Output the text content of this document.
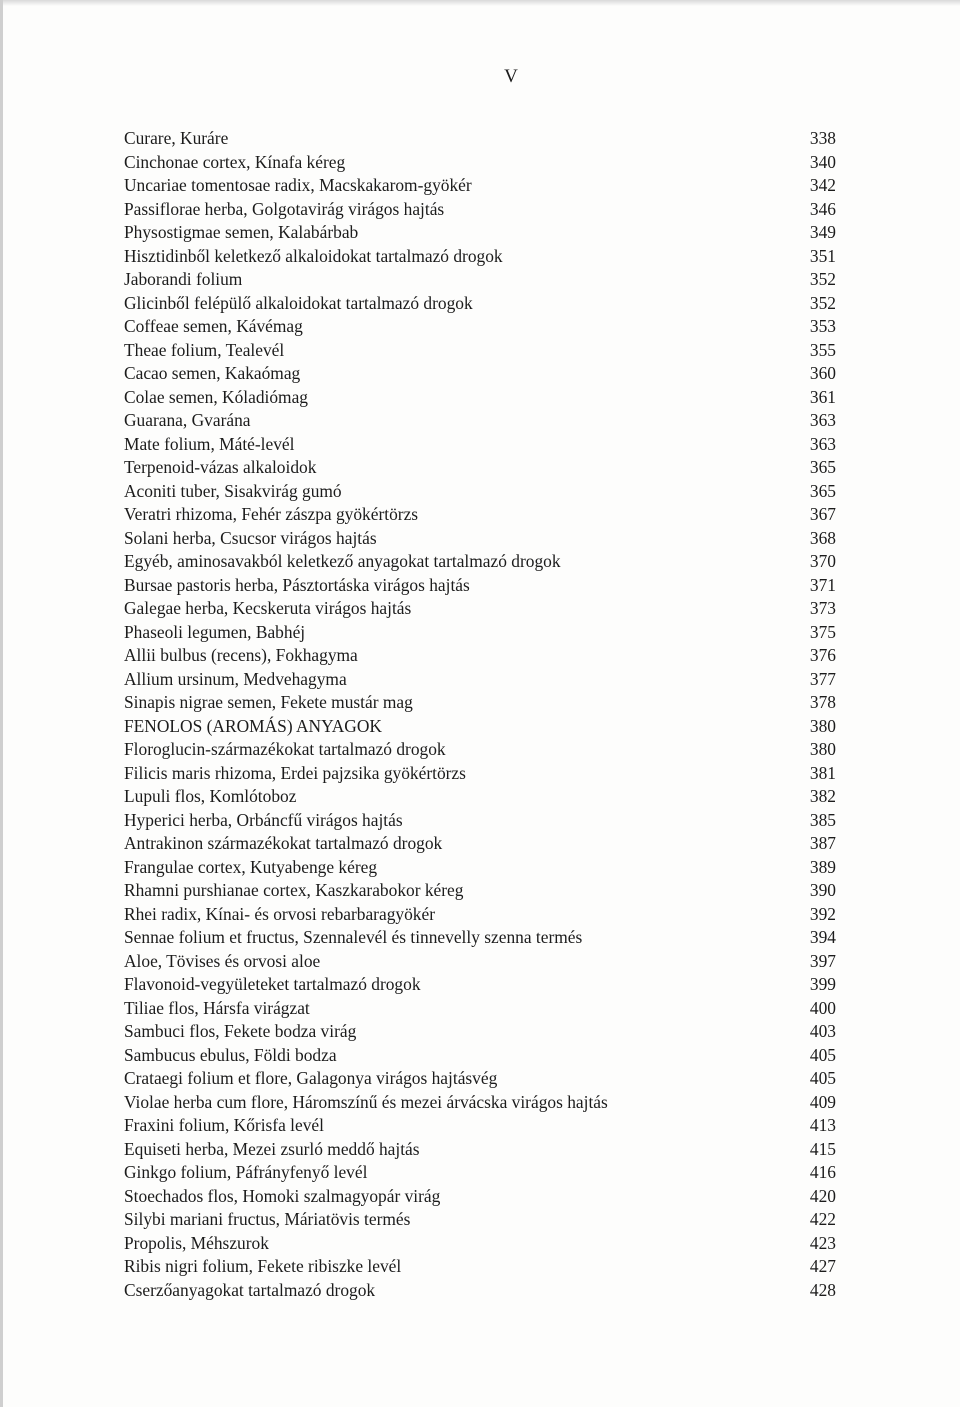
V
Curare, Kuráre	338
Cinchonae cortex, Kínafa kéreg	340
Uncariae tomentosae radix, Macskakarom-gyökér	342
Passiflorae herba, Golgotavirág virágos hajtás	346
Physostigmae semen, Kalabárbab	349
Hisztidinből keletkező alkaloidokat tartalmazó drogok	351
Jaborandi folium	352
Glicinből felépülő alkaloidokat tartalmazó drogok	352
Coffeae semen, Kávémag	353
Theae folium, Tealevél	355
Cacao semen, Kakaómag	360
Colae semen, Kóladiómag	361
Guarana, Gvarána	363
Mate folium, Máté-levél	363
Terpenoid-vázas alkaloidok	365
Aconiti tuber, Sisakvirág gumó	365
Veratri rhizoma, Fehér zászpa gyökértörzs	367
Solani herba, Csucsor virágos hajtás	368
Egyéb, aminosavakból keletkező anyagokat tartalmazó drogok	370
Bursae pastoris herba, Pásztortáska virágos hajtás	371
Galegae herba, Kecskeruta virágos hajtás	373
Phaseoli legumen, Babhéj	375
Allii bulbus (recens), Fokhagyma	376
Allium ursinum, Medvehagyma	377
Sinapis nigrae semen, Fekete mustár mag	378
FENOLOS (AROMÁS) ANYAGOK	380
Floroglucin-származékokat tartalmazó drogok	380
Filicis maris rhizoma, Erdei pajzsika gyökértörzs	381
Lupuli flos, Komlótoboz	382
Hyperici herba, Orbáncfű virágos hajtás	385
Antrakinon származékokat tartalmazó drogok	387
Frangulae cortex, Kutyabenge kéreg	389
Rhamni purshianae cortex, Kaszkarabokor kéreg	390
Rhei radix, Kínai- és orvosi rebarbaragyökér	392
Sennae folium et fructus, Szennalevél és tinnevelly szenna termés	394
Aloe, Tövises és orvosi aloe	397
Flavonoid-vegyületeket tartalmazó drogok	399
Tiliae flos, Hársfa virágzat	400
Sambuci flos, Fekete bodza virág	403
Sambucus ebulus, Földi bodza	405
Crataegi folium et flore, Galagonya virágos hajtásvég	405
Violae herba cum flore, Háromszínű és mezei árvácska virágos hajtás	409
Fraxini folium, Kőrisfa levél	413
Equiseti herba, Mezei zsurló meddő hajtás	415
Ginkgo folium, Páfrányfenyő levél	416
Stoechados flos, Homoki szalmagyopár virág	420
Silybi mariani fructus, Máriatövis termés	422
Propolis, Méhszurok	423
Ribis nigri folium, Fekete ribiszke levél	427
Cserzőanyagokat tartalmazó drogok	428
